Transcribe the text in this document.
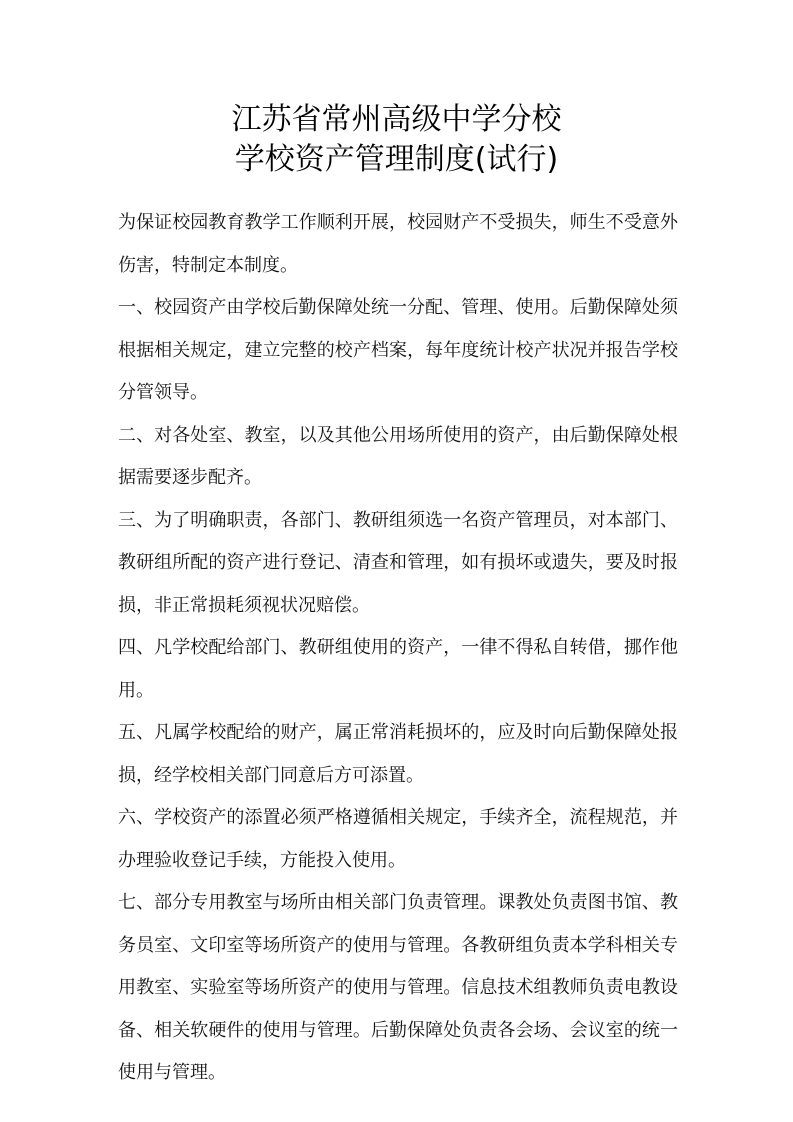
江苏省常州高级中学分校
学校资产管理制度(试行)

为保证校园教育教学工作顺利开展，校园财产不受损失，师生不受意外伤害，特制定本制度。

一、校园资产由学校后勤保障处统一分配、管理、使用。后勤保障处须根据相关规定，建立完整的校产档案，每年度统计校产状况并报告学校分管领导。

二、对各处室、教室，以及其他公用场所使用的资产，由后勤保障处根据需要逐步配齐。

三、为了明确职责，各部门、教研组须选一名资产管理员，对本部门、教研组所配的资产进行登记、清查和管理，如有损坏或遗失，要及时报损，非正常损耗须视状况赔偿。

四、凡学校配给部门、教研组使用的资产，一律不得私自转借，挪作他用。

五、凡属学校配给的财产，属正常消耗损坏的，应及时向后勤保障处报损，经学校相关部门同意后方可添置。

六、学校资产的添置必须严格遵循相关规定，手续齐全，流程规范，并办理验收登记手续，方能投入使用。

七、部分专用教室与场所由相关部门负责管理。课教处负责图书馆、教务员室、文印室等场所资产的使用与管理。各教研组负责本学科相关专用教室、实验室等场所资产的使用与管理。信息技术组教师负责电教设备、相关软硬件的使用与管理。后勤保障处负责各会场、会议室的统一使用与管理。
